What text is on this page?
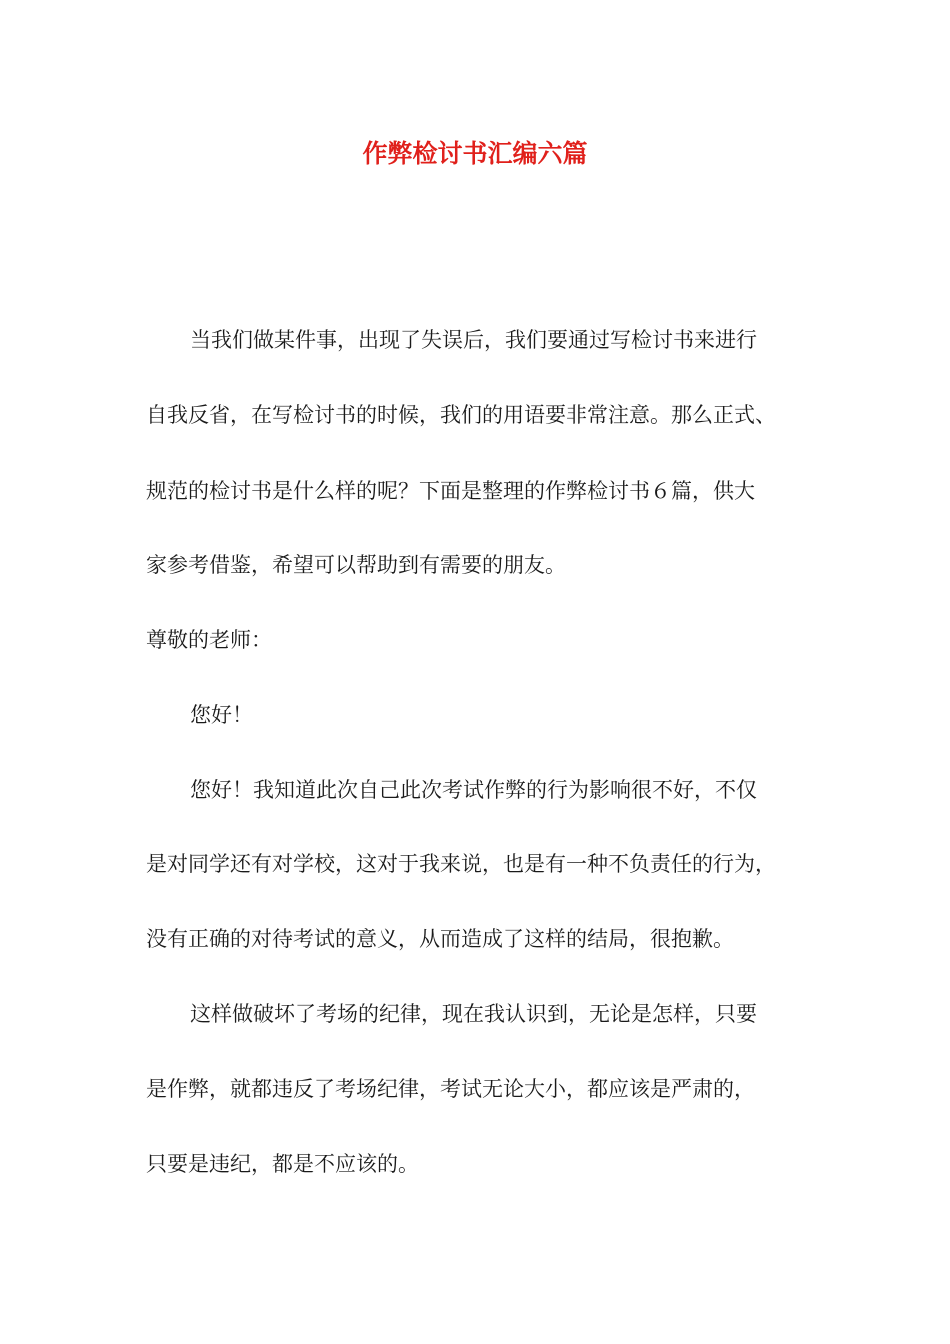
作弊检讨书汇编六篇
当我们做某件事，出现了失误后，我们要通过写检讨书来进行
自我反省，在写检讨书的时候，我们的用语要非常注意。那么正式、
规范的检讨书是什么样的呢？下面是整理的作弊检讨书６篇，供大
家参考借鉴，希望可以帮助到有需要的朋友。
尊敬的老师：
您好！
您好！我知道此次自己此次考试作弊的行为影响很不好，不仅
是对同学还有对学校，这对于我来说，也是有一种不负责任的行为，
没有正确的对待考试的意义，从而造成了这样的结局，很抱歉。
这样做破坏了考场的纪律，现在我认识到，无论是怎样，只要
是作弊，就都违反了考场纪律，考试无论大小，都应该是严肃的，
只要是违纪，都是不应该的。
